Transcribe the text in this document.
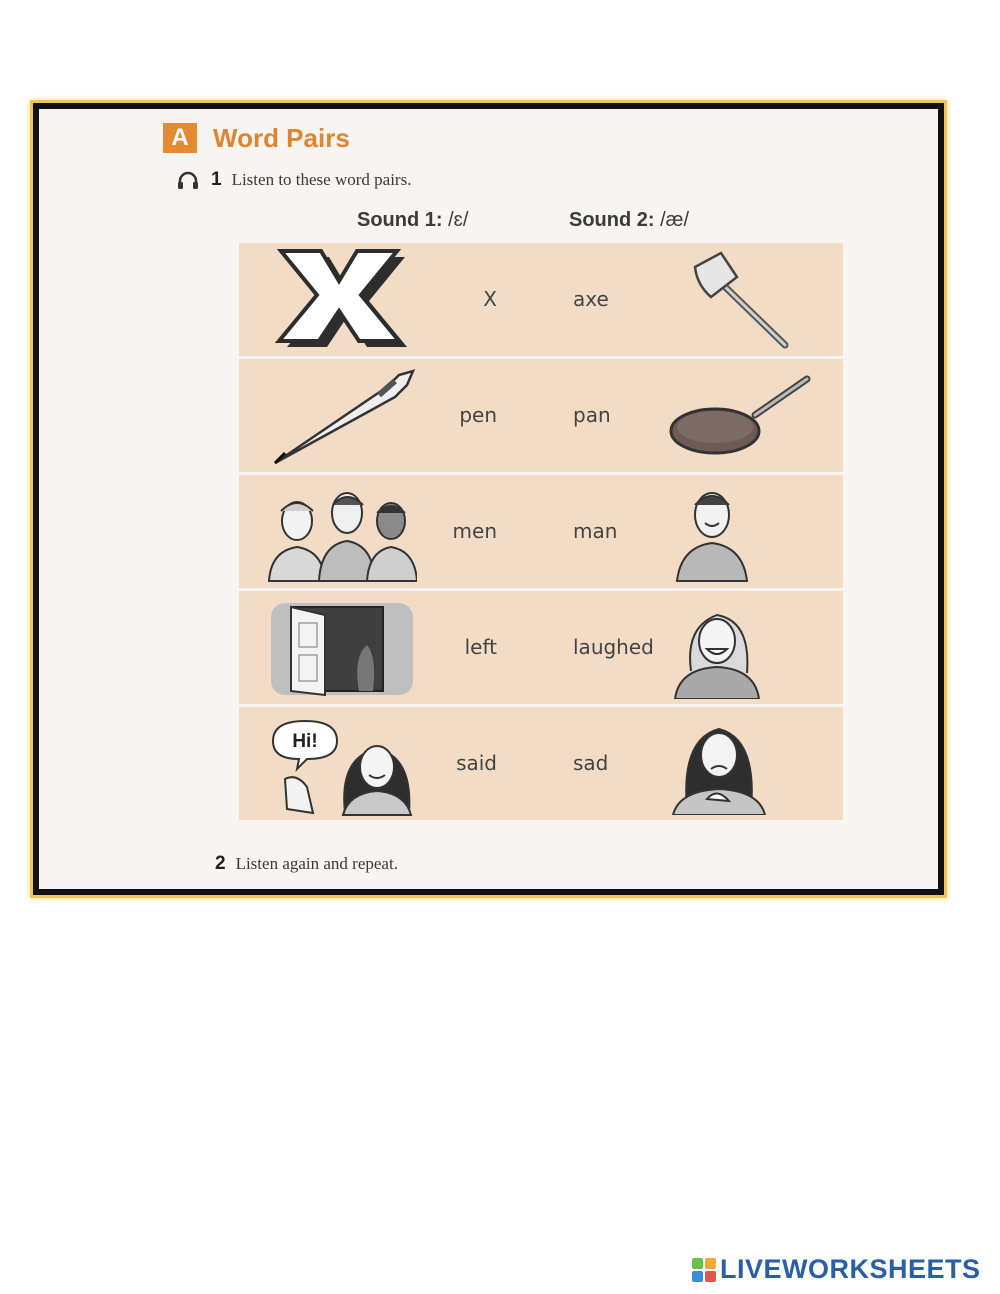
A Word Pairs
1 Listen to these word pairs.
Sound 1: /ɛ/	Sound 2: /æ/
X	axe
pen	pan
men	man
left	laughed
Hi!
said	sad
2 Listen again and repeat.
LIVEWORKSHEETS
